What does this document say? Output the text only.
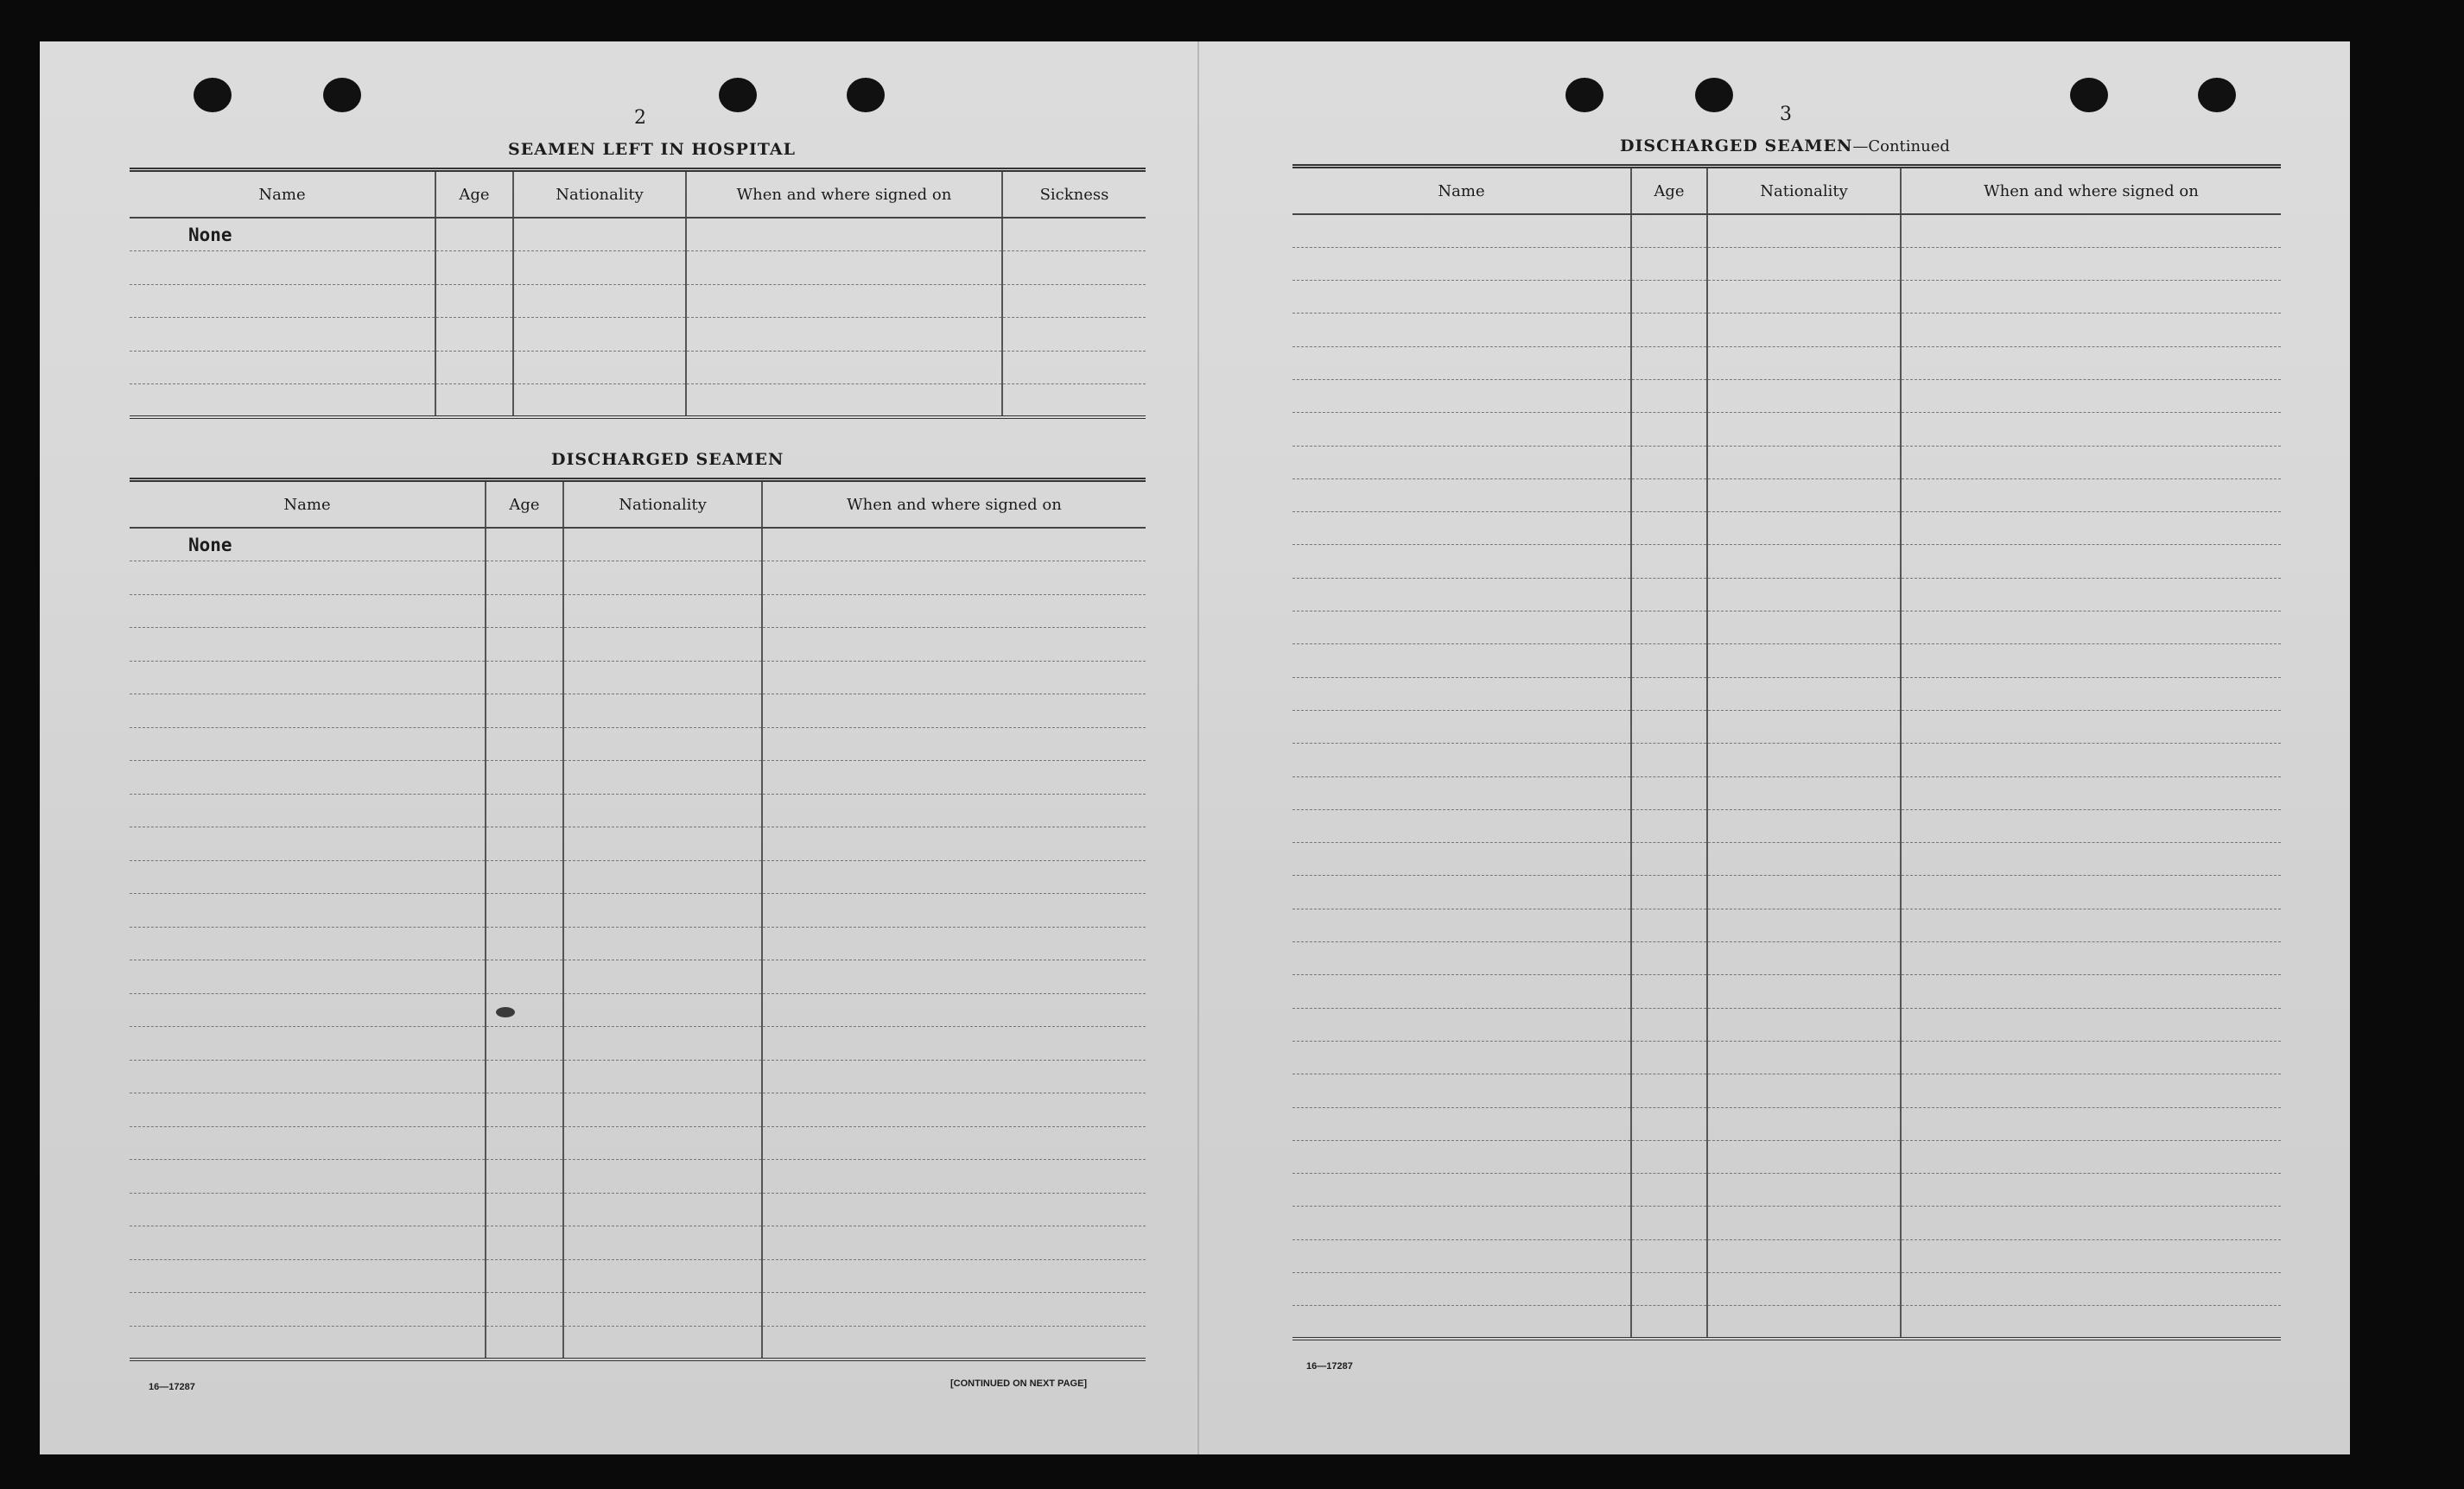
2
SEAMEN LEFT IN HOSPITAL
Name	Age	Nationality	When and where signed on	Sickness
None				

DISCHARGED SEAMEN
Name	Age	Nationality	When and where signed on
None			

16—17287	[CONTINUED ON NEXT PAGE]
3
DISCHARGED SEAMEN—Continued
Name	Age	Nationality	When and where signed on

16—17287
